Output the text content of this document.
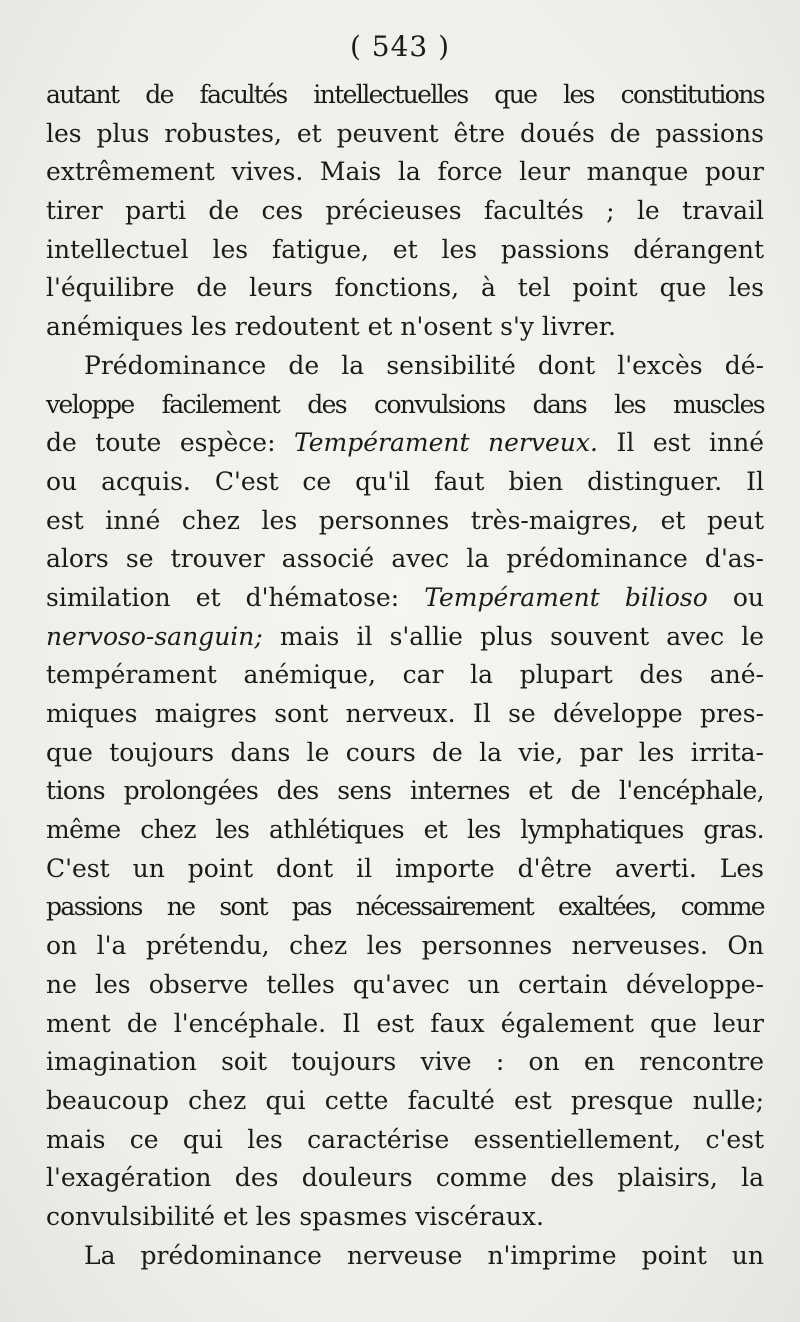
( 543 )
autant de facultés intellectuelles que les constitutions
les plus robustes, et peuvent être doués de passions
extrêmement vives. Mais la force leur manque pour
tirer parti de ces précieuses facultés ; le travail
intellectuel les fatigue, et les passions dérangent
l'équilibre de leurs fonctions, à tel point que les
anémiques les redoutent et n'osent s'y livrer.
Prédominance de la sensibilité dont l'excès dé-
veloppe facilement des convulsions dans les muscles
de toute espèce: Tempérament nerveux. Il est inné
ou acquis. C'est ce qu'il faut bien distinguer. Il
est inné chez les personnes très-maigres, et peut
alors se trouver associé avec la prédominance d'as-
similation et d'hématose: Tempérament bilioso ou
nervoso-sanguin; mais il s'allie plus souvent avec le
tempérament anémique, car la plupart des ané-
miques maigres sont nerveux. Il se développe pres-
que toujours dans le cours de la vie, par les irrita-
tions prolongées des sens internes et de l'encéphale,
même chez les athlétiques et les lymphatiques gras.
C'est un point dont il importe d'être averti. Les
passions ne sont pas nécessairement exaltées, comme
on l'a prétendu, chez les personnes nerveuses. On
ne les observe telles qu'avec un certain développe-
ment de l'encéphale. Il est faux également que leur
imagination soit toujours vive : on en rencontre
beaucoup chez qui cette faculté est presque nulle;
mais ce qui les caractérise essentiellement, c'est
l'exagération des douleurs comme des plaisirs, la
convulsibilité et les spasmes viscéraux.
La prédominance nerveuse n'imprime point un
